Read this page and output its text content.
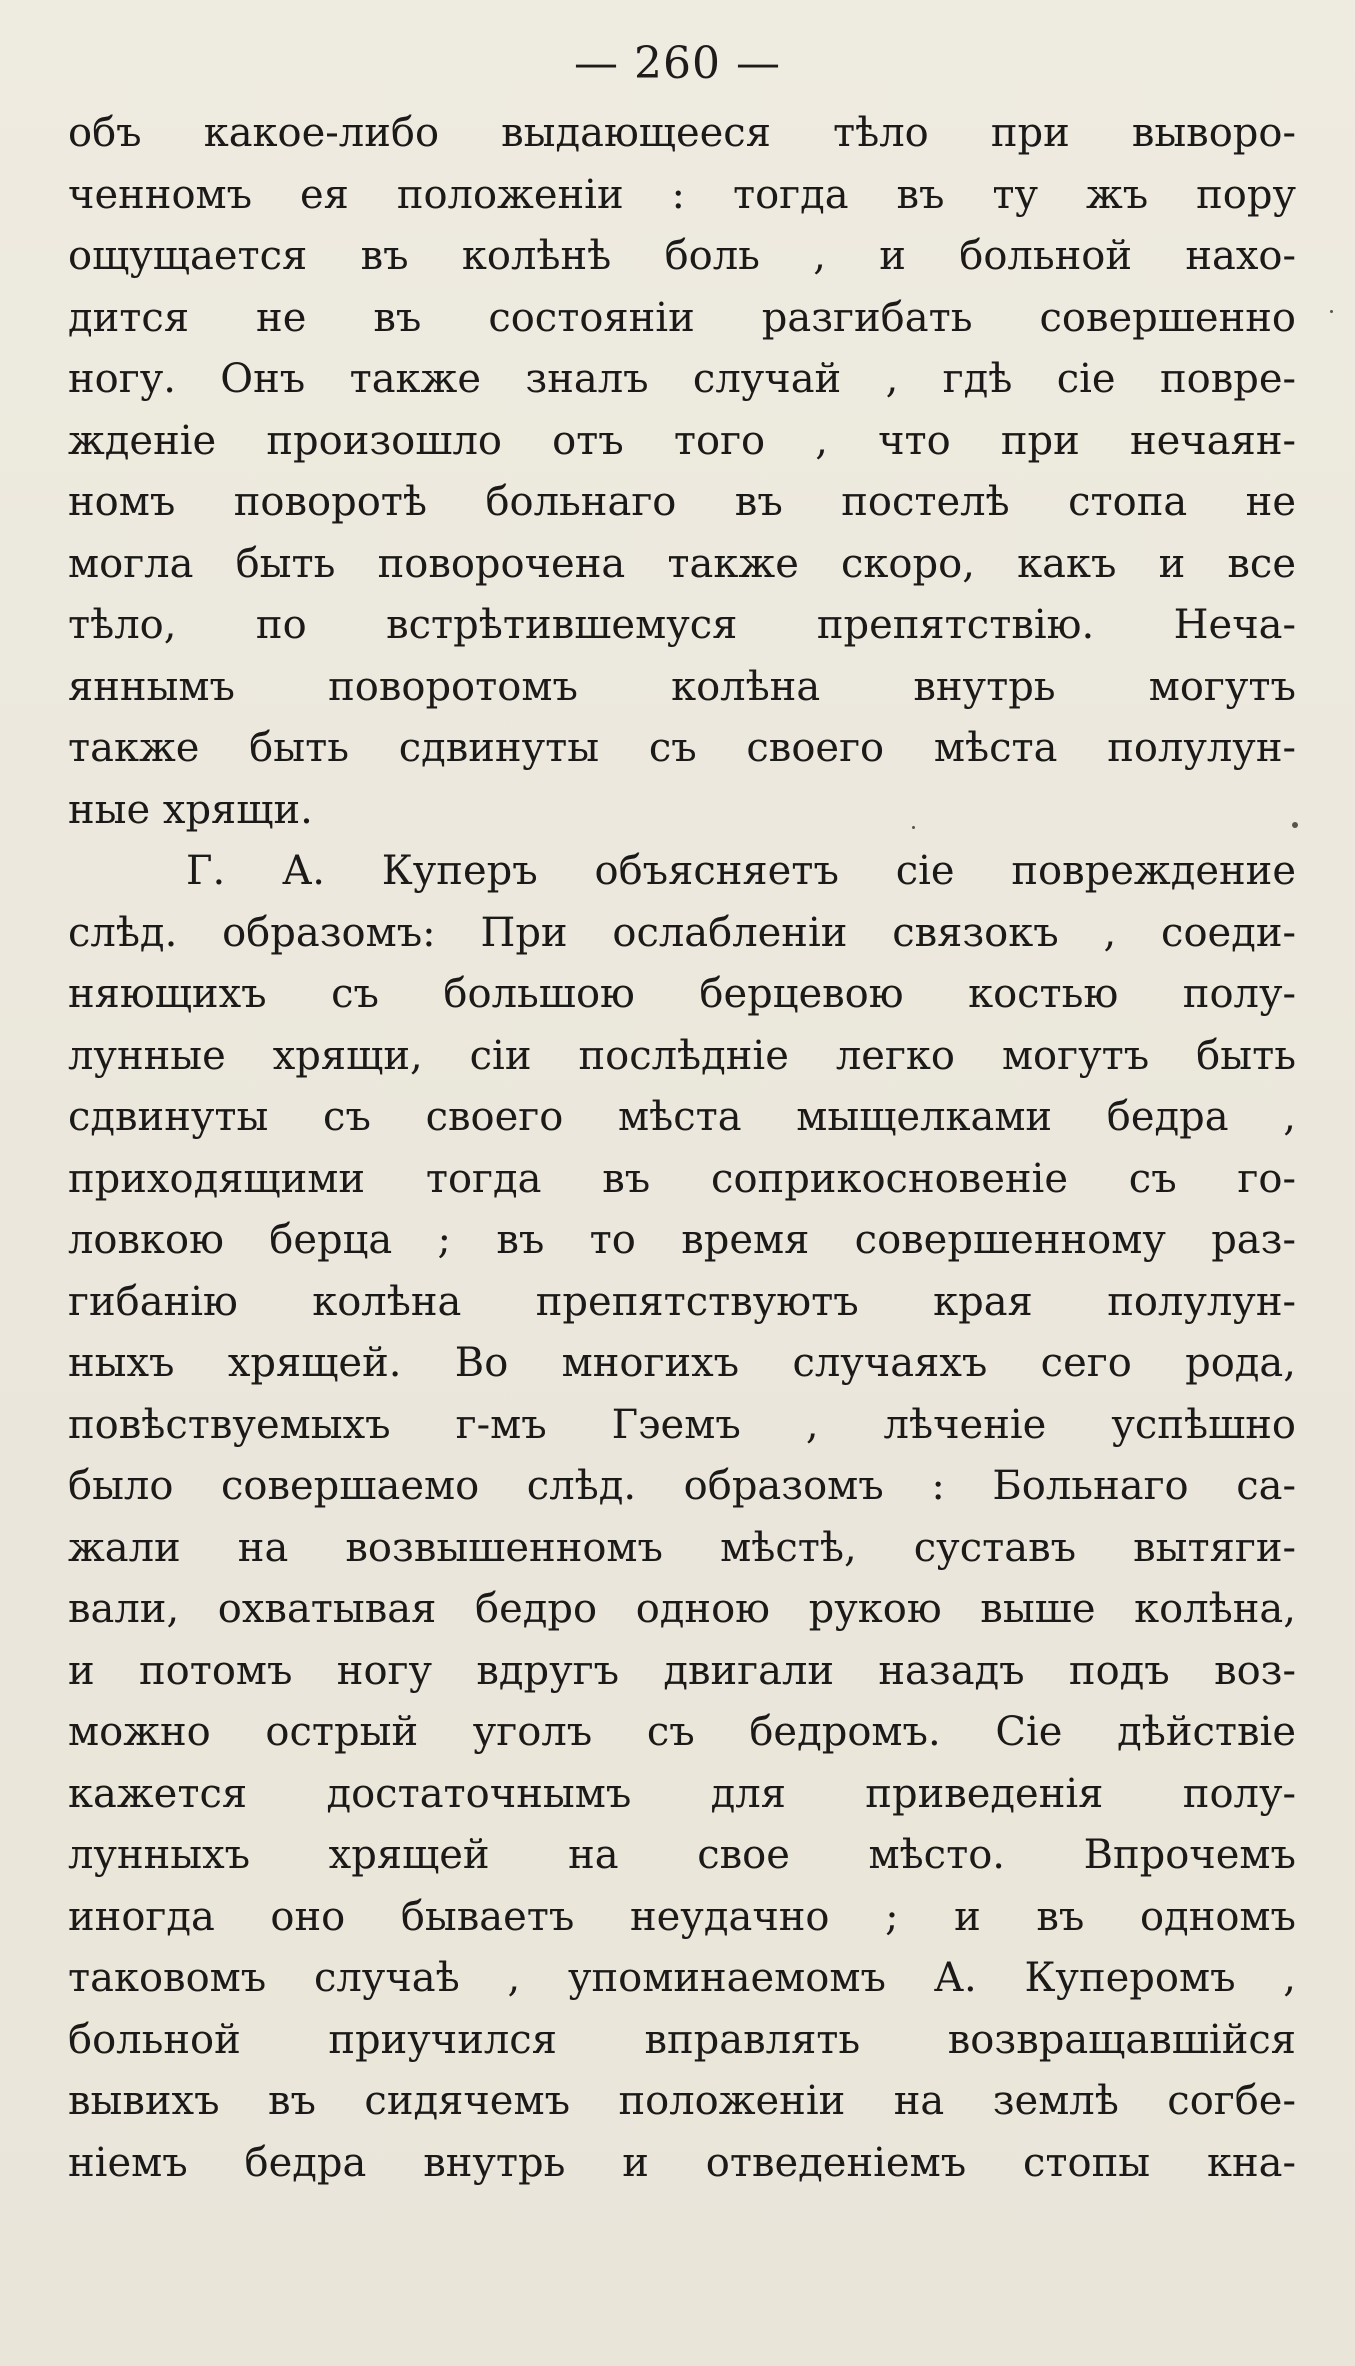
— 260 —
объ какое-либо выдающееся тѣло при выворо-
ченномъ ея положеніи : тогда въ ту жъ пору
ощущается въ колѣнѣ боль , и больной нахо-
дится не въ состояніи разгибать совершенно
ногу. Онъ также зналъ случай , гдѣ сіе повре-
жденіе произошло отъ того , что при нечаян-
номъ поворотѣ больнаго въ постелѣ стопа не
могла быть поворочена также скоро, какъ и все
тѣло, по встрѣтившемуся препятствію. Неча-
яннымъ поворотомъ колѣна внутрь могутъ
также быть сдвинуты съ своего мѣста полулун-
ные хрящи.
Г. А. Куперъ объясняетъ сіе повреждение
слѣд. образомъ: При ослабленіи связокъ , соеди-
няющихъ съ большою берцевою костью полу-
лунные хрящи, сіи послѣдніе легко могутъ быть
сдвинуты съ своего мѣста мыщелками бедра ,
приходящими тогда въ соприкосновеніе съ го-
ловкою берца ; въ то время совершенному раз-
гибанію колѣна препятствуютъ края полулун-
ныхъ хрящей. Во многихъ случаяхъ сего рода,
повѣствуемыхъ г-мъ Гэемъ , лѣченіе успѣшно
было совершаемо слѣд. образомъ : Больнаго са-
жали на возвышенномъ мѣстѣ, суставъ вытяги-
вали, охватывая бедро одною рукою выше колѣна,
и потомъ ногу вдругъ двигали назадъ подъ воз-
можно острый уголъ съ бедромъ. Сіе дѣйствіе
кажется достаточнымъ для приведенія полу-
лунныхъ хрящей на свое мѣсто. Впрочемъ
иногда оно бываетъ неудачно ; и въ одномъ
таковомъ случаѣ , упоминаемомъ А. Куперомъ ,
больной приучился вправлять возвращавшійся
вывихъ въ сидячемъ положеніи на землѣ согбе-
ніемъ бедра внутрь и отведеніемъ стопы кна-
